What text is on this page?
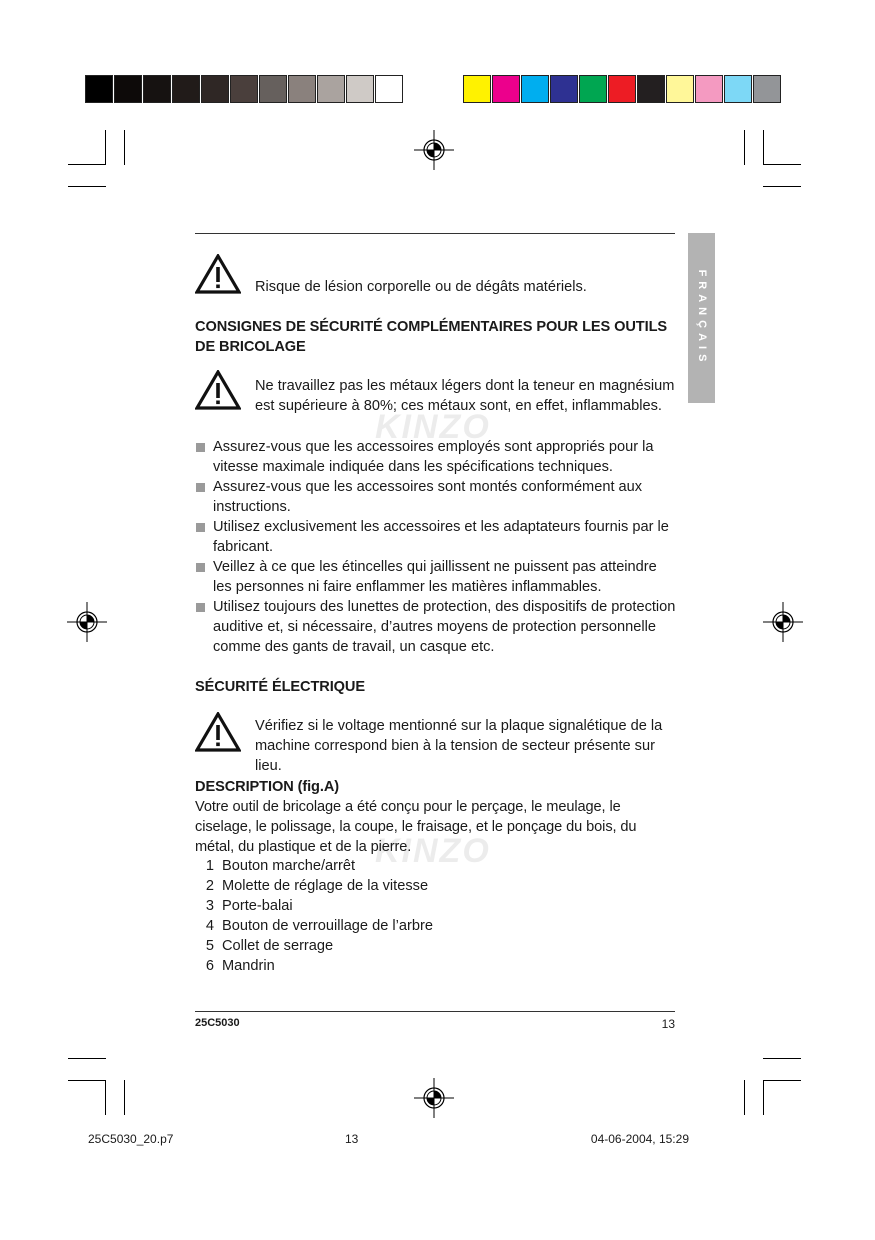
FRANÇAIS
KINZO
KINZO
Risque de lésion corporelle ou de dégâts matériels.
CONSIGNES DE SÉCURITÉ COMPLÉMENTAIRES POUR LES OUTILS DE BRICOLAGE
Ne travaillez pas les métaux légers dont la teneur en magnésium est supérieure à 80%; ces métaux sont, en effet, inflammables.
Assurez-vous que les accessoires employés sont appropriés pour la vitesse maximale indiquée dans les spécifications techniques.
Assurez-vous que les accessoires sont montés conformément aux instructions.
Utilisez exclusivement les accessoires et les adaptateurs fournis par le fabricant.
Veillez à ce que les étincelles qui jaillissent ne puissent pas atteindre les personnes ni faire enflammer les matières inflammables.
Utilisez toujours des lunettes de protection, des dispositifs de protection auditive et, si nécessaire, d’autres moyens de protection personnelle comme des gants de travail, un casque etc.
SÉCURITÉ ÉLECTRIQUE
Vérifiez si le voltage mentionné sur la plaque signalétique de la machine correspond bien à la tension de secteur présente sur lieu.
DESCRIPTION (fig.A)
Votre outil de bricolage a été conçu pour le perçage, le meulage, le ciselage, le polissage, la coupe, le fraisage, et le ponçage du bois, du métal, du plastique et de la pierre.
1 Bouton marche/arrêt
2 Molette de réglage de la vitesse
3 Porte-balai
4 Bouton de verrouillage de l’arbre
5 Collet de serrage
6 Mandrin
25C5030	13
25C5030_20.p7	13	04-06-2004, 15:29
